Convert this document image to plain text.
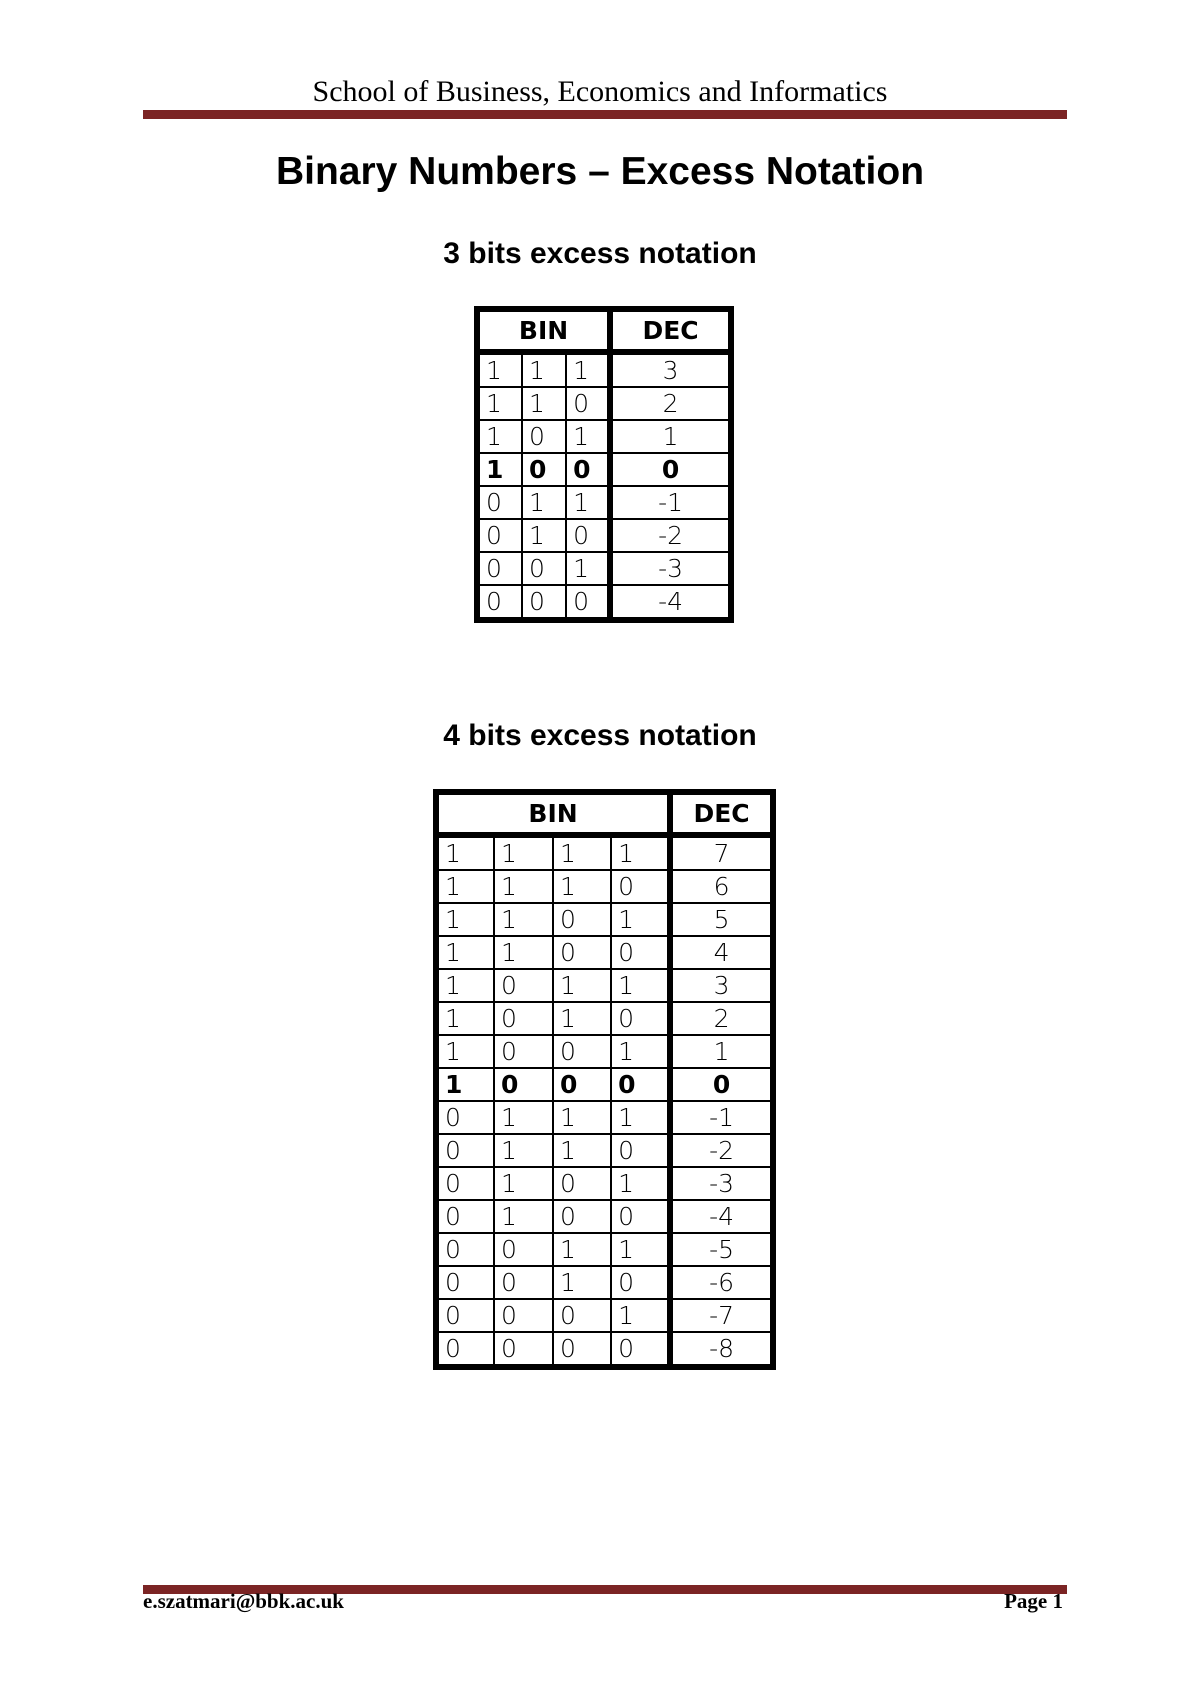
School of Business, Economics and Informatics
Binary Numbers – Excess Notation
3 bits excess notation
BIN			DEC
1	1	1	3
1	1	0	2
1	0	1	1
1	0	0	0
0	1	1	-1
0	1	0	-2
0	0	1	-3
0	0	0	-4
4 bits excess notation
BIN				DEC
1	1	1	1	7
1	1	1	0	6
1	1	0	1	5
1	1	0	0	4
1	0	1	1	3
1	0	1	0	2
1	0	0	1	1
1	0	0	0	0
0	1	1	1	-1
0	1	1	0	-2
0	1	0	1	-3
0	1	0	0	-4
0	0	1	1	-5
0	0	1	0	-6
0	0	0	1	-7
0	0	0	0	-8
e.szatmari@bbk.ac.uk	Page 1
